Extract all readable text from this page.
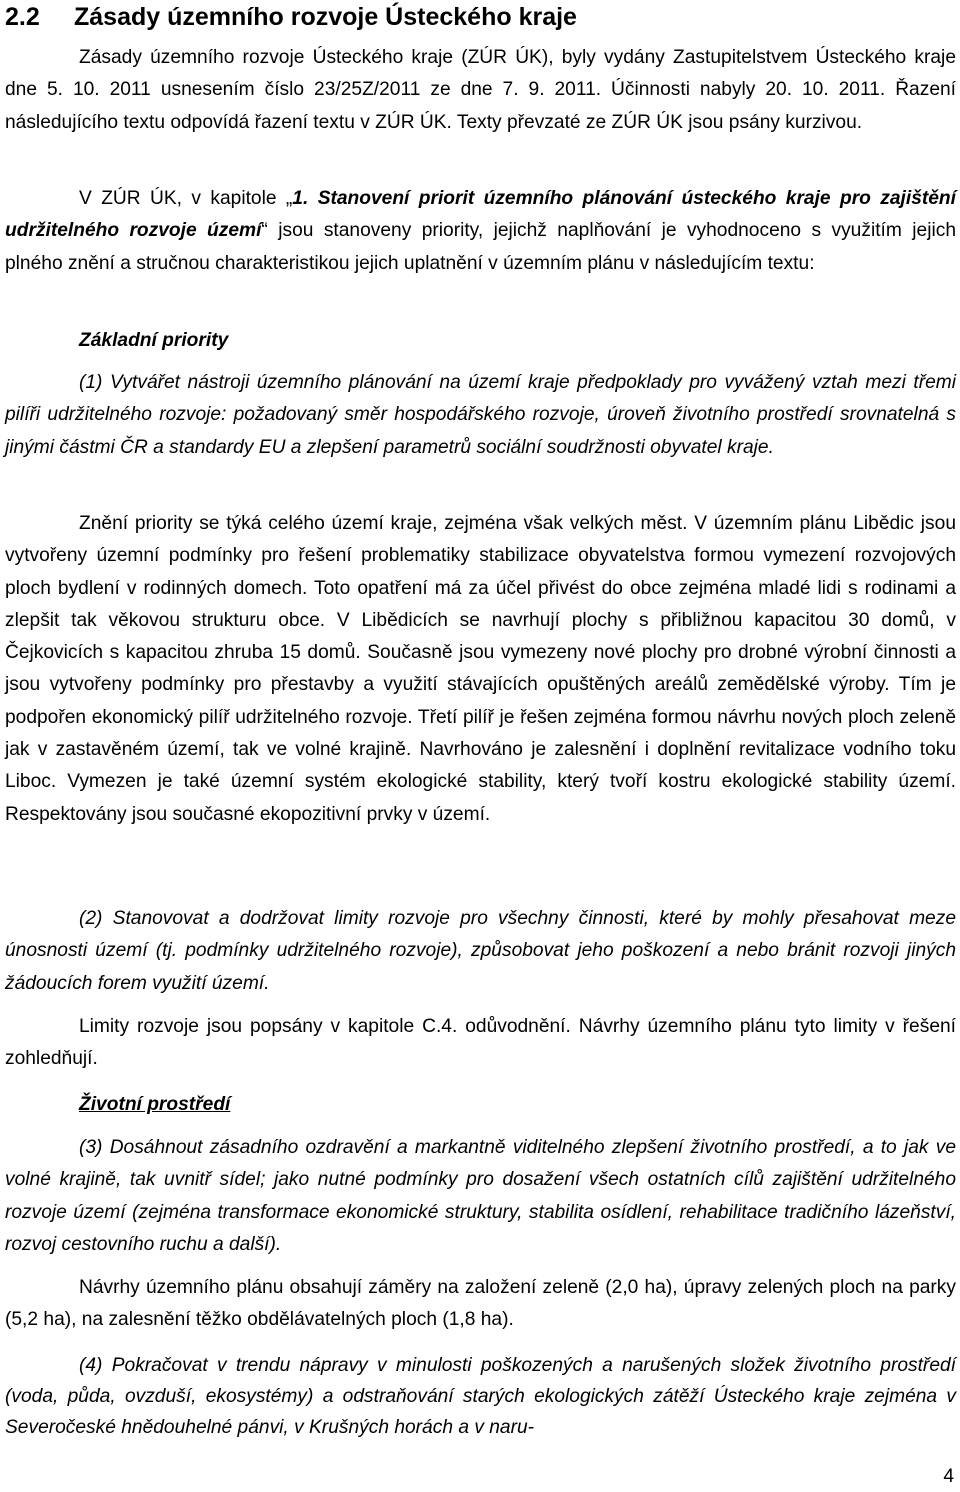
2.2 Zásady územního rozvoje Ústeckého kraje

Zásady územního rozvoje Ústeckého kraje (ZÚR ÚK), byly vydány Zastupitelstvem Ústeckého kraje dne 5. 10. 2011 usnesením číslo 23/25Z/2011 ze dne 7. 9. 2011. Účinnosti nabyly 20. 10. 2011. Řazení následujícího textu odpovídá řazení textu v ZÚR ÚK. Texty převzaté ze ZÚR ÚK jsou psány kurzivou.

V ZÚR ÚK, v kapitole „1. Stanovení priorit územního plánování ústeckého kraje pro zajištění udržitelného rozvoje území“ jsou stanoveny priority, jejichž naplňování je vyhodnoceno s využitím jejich plného znění a stručnou charakteristikou jejich uplatnění v územním plánu v následujícím textu:

Základní priority

(1) Vytvářet nástroji územního plánování na území kraje předpoklady pro vyvážený vztah mezi třemi pilíři udržitelného rozvoje: požadovaný směr hospodářského rozvoje, úroveň životního prostředí srovnatelná s jinými částmi ČR a standardy EU a zlepšení parametrů sociální soudržnosti obyvatel kraje.

Znění priority se týká celého území kraje, zejména však velkých měst. V územním plánu Libědic jsou vytvořeny územní podmínky pro řešení problematiky stabilizace obyvatelstva formou vymezení rozvojových ploch bydlení v rodinných domech. Toto opatření má za účel přivést do obce zejména mladé lidi s rodinami a zlepšit tak věkovou strukturu obce. V Libědicích se navrhují plochy s přibližnou kapacitou 30 domů, v Čejkovicích s kapacitou zhruba 15 domů. Současně jsou vymezeny nové plochy pro drobné výrobní činnosti a jsou vytvořeny podmínky pro přestavby a využití stávajících opuštěných areálů zemědělské výroby. Tím je podpořen ekonomický pilíř udržitelného rozvoje. Třetí pilíř je řešen zejména formou návrhu nových ploch zeleně jak v zastavěném území, tak ve volné krajině. Navrhováno je zalesnění i doplnění revitalizace vodního toku Liboc. Vymezen je také územní systém ekologické stability, který tvoří kostru ekologické stability území. Respektovány jsou současné ekopozitivní prvky v území.

(2) Stanovovat a dodržovat limity rozvoje pro všechny činnosti, které by mohly přesahovat meze únosnosti území (tj. podmínky udržitelného rozvoje), způsobovat jeho poškození a nebo bránit rozvoji jiných žádoucích forem využití území.

Limity rozvoje jsou popsány v kapitole C.4. odůvodnění. Návrhy územního plánu tyto limity v řešení zohledňují.

Životní prostředí

(3) Dosáhnout zásadního ozdravění a markantně viditelného zlepšení životního prostředí, a to jak ve volné krajině, tak uvnitř sídel; jako nutné podmínky pro dosažení všech ostatních cílů zajištění udržitelného rozvoje území (zejména transformace ekonomické struktury, stabilita osídlení, rehabilitace tradičního lázeňství, rozvoj cestovního ruchu a další).

Návrhy územního plánu obsahují záměry na založení zeleně (2,0 ha), úpravy zelených ploch na parky (5,2 ha), na zalesnění těžko obdělávatelných ploch (1,8 ha).

(4) Pokračovat v trendu nápravy v minulosti poškozených a narušených složek životního prostředí (voda, půda, ovzduší, ekosystémy) a odstraňování starých ekologických zátěží Ústeckého kraje zejména v Severočeské hnědouhelné pánvi, v Krušných horách a v naru-

4
